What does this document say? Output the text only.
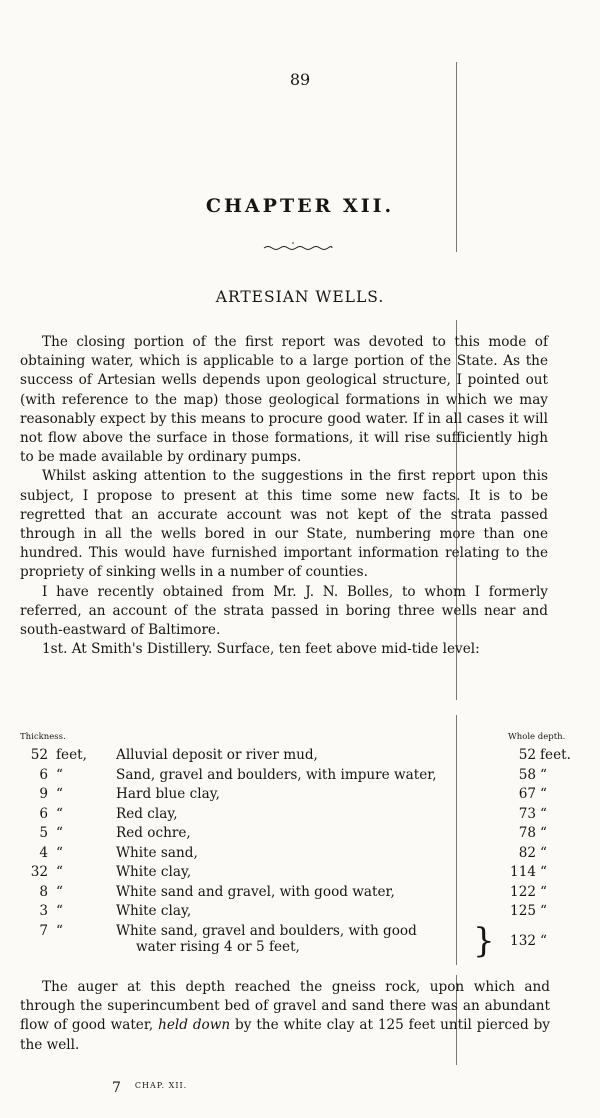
89
CHAPTER XII.
ARTESIAN WELLS.

The closing portion of the first report was devoted to this mode of obtaining water, which is applicable to a large portion of the State. As the success of Artesian wells depends upon geological structure, I pointed out (with reference to the map) those geological formations in which we may reasonably expect by this means to procure good water. If in all cases it will not flow above the surface in those formations, it will rise sufficiently high to be made available by ordinary pumps.

Whilst asking attention to the suggestions in the first report upon this subject, I propose to present at this time some new facts. It is to be regretted that an accurate account was not kept of the strata passed through in all the wells bored in our State, numbering more than one hundred. This would have furnished important information relating to the propriety of sinking wells in a number of counties.

I have recently obtained from Mr. J. N. Bolles, to whom I formerly referred, an account of the strata passed in boring three wells near and south-eastward of Baltimore.

1st. At Smith's Distillery. Surface, ten feet above mid-tide level:

Thickness.	Whole depth.
52 feet, Alluvial deposit or river mud,	52 feet.
6 “	Sand, gravel and boulders, with impure water,	58 “
9 “	Hard blue clay,	67 “
6 “	Red clay,	73 “
5 “	Red ochre,	78 “
4 “	White sand,	82 “
32 “	White clay,	114 “
8 “	White sand and gravel, with good water,	122 “
3 “	White clay,	125 “
7 “	White sand, gravel and boulders, with good
water rising 4 or 5 feet,	}	132 “

The auger at this depth reached the gneiss rock, upon which and through the superincumbent bed of gravel and sand there was an abundant flow of good water, held down by the white clay at 125 feet until pierced by the well.

7 $^{CHAP. XII.}$
